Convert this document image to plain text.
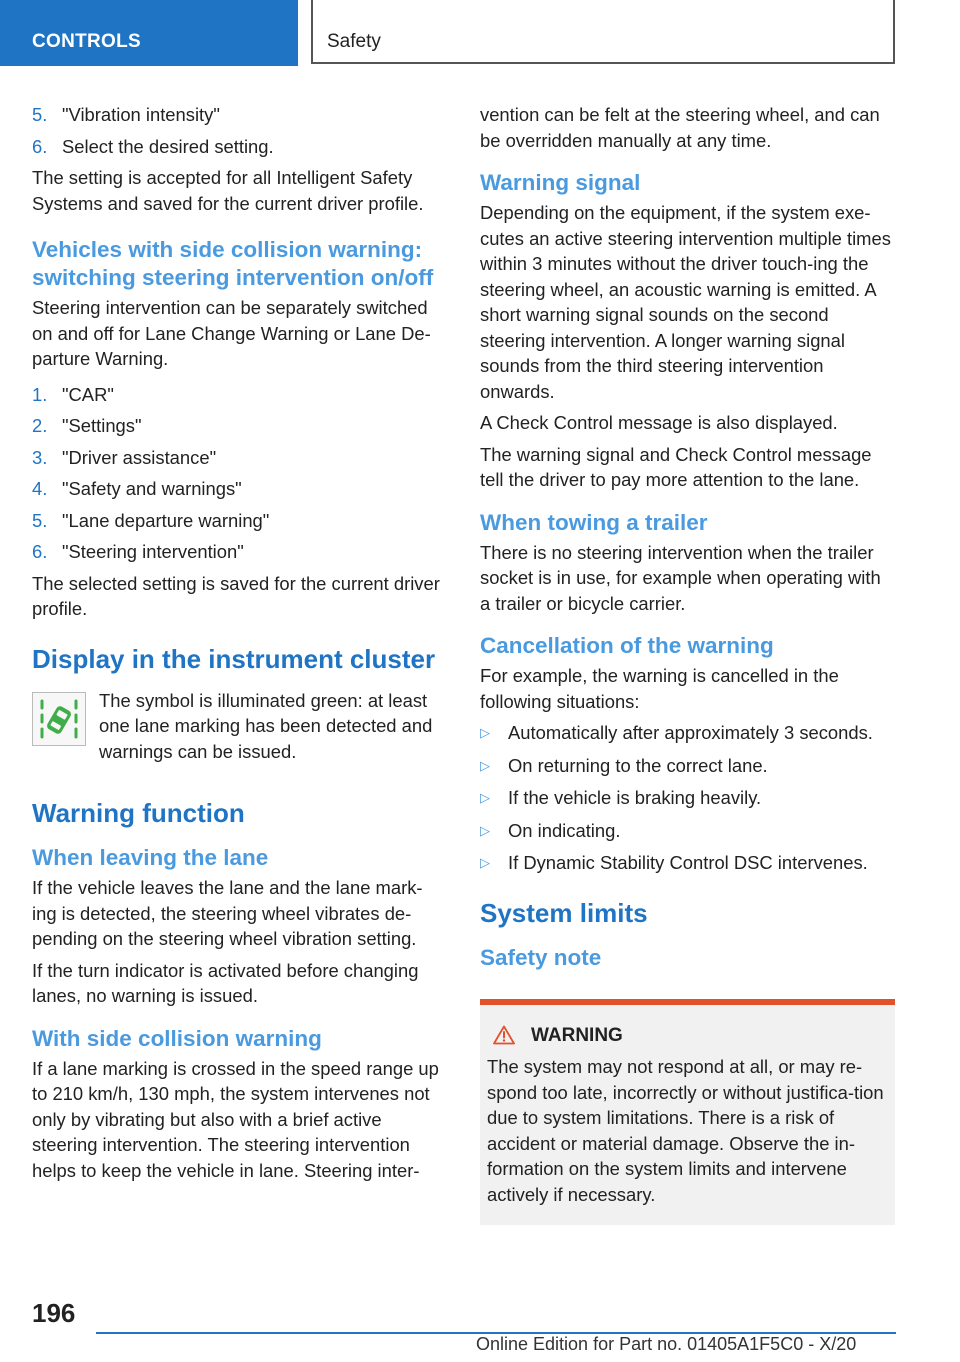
CONTROLS	Safety
5. "Vibration intensity"
6. Select the desired setting.

The setting is accepted for all Intelligent Safety Systems and saved for the current driver profile.

Vehicles with side collision warning: switching steering intervention on/off

Steering intervention can be separately switched on and off for Lane Change Warning or Lane De-parture Warning.

1. "CAR"
2. "Settings"
3. "Driver assistance"
4. "Safety and warnings"
5. "Lane departure warning"
6. "Steering intervention"

The selected setting is saved for the current driver profile.

Display in the instrument cluster
The symbol is illuminated green: at least one lane marking has been detected and warnings can be issued.
Warning function
When leaving the lane

If the vehicle leaves the lane and the lane mark-ing is detected, the steering wheel vibrates de-pending on the steering wheel vibration setting.

If the turn indicator is activated before changing lanes, no warning is issued.

With side collision warning

If a lane marking is crossed in the speed range up to 210 km/h, 130 mph, the system intervenes not only by vibrating but also with a brief active steering intervention. The steering intervention helps to keep the vehicle in lane. Steering inter-

vention can be felt at the steering wheel, and can be overridden manually at any time.

Warning signal

Depending on the equipment, if the system exe-cutes an active steering intervention multiple times within 3 minutes without the driver touch-ing the steering wheel, an acoustic warning is emitted. A short warning signal sounds on the second steering intervention. A longer warning signal sounds from the third steering intervention onwards.

A Check Control message is also displayed.

The warning signal and Check Control message tell the driver to pay more attention to the lane.

When towing a trailer

There is no steering intervention when the trailer socket is in use, for example when operating with a trailer or bicycle carrier.

Cancellation of the warning

For example, the warning is cancelled in the following situations:

▷ Automatically after approximately 3 seconds.
▷ On returning to the correct lane.
▷ If the vehicle is braking heavily.
▷ On indicating.
▷ If Dynamic Stability Control DSC intervenes.
System limits
Safety note
WARNING
The system may not respond at all, or may re-spond too late, incorrectly or without justifica-tion due to system limitations. There is a risk of accident or material damage. Observe the in-formation on the system limits and intervene actively if necessary.
196
Online Edition for Part no. 01405A1F5C0 - X/20
